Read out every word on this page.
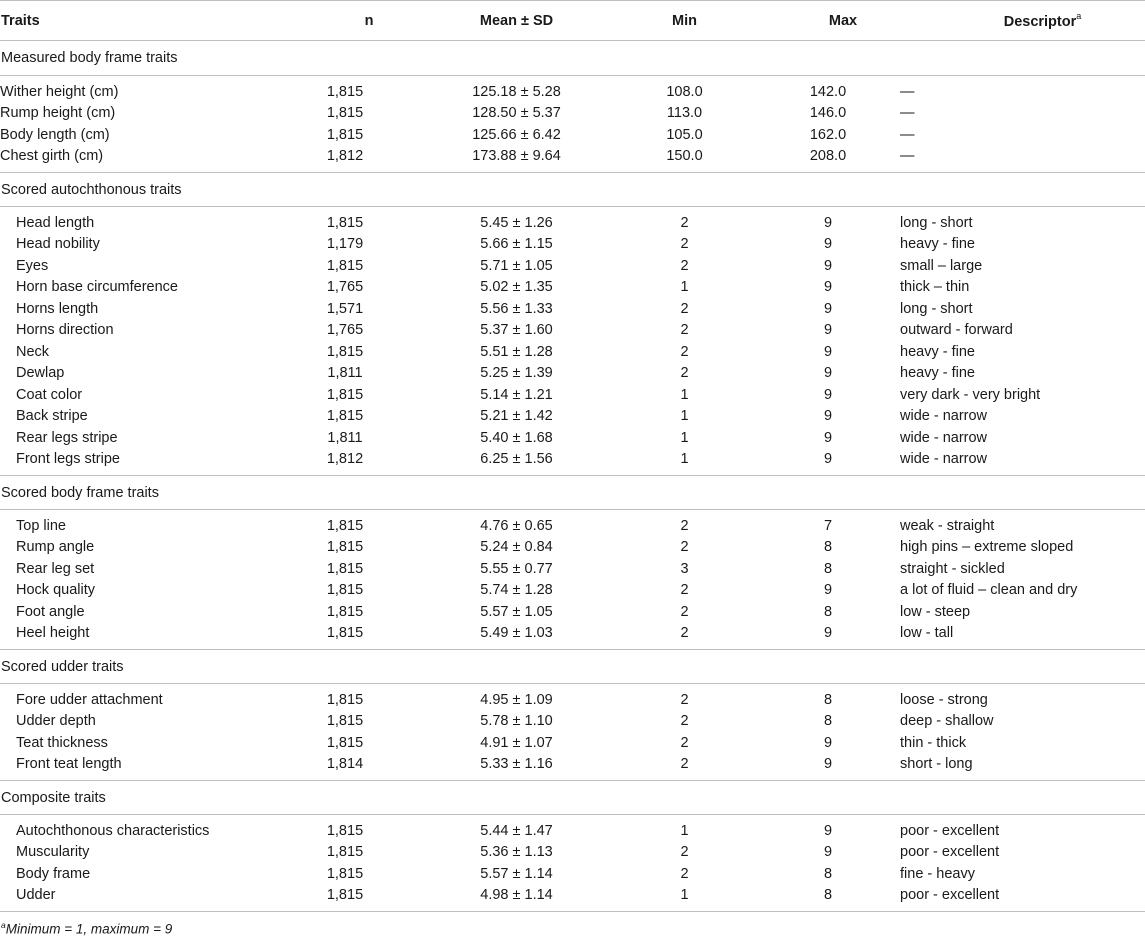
Traits	n	Mean ± SD	Min	Max	Descriptor$^a$
Measured body frame traits					

Wither height (cm)	1,815	125.18 ± 5.28	108.0	142.0	—
Rump height (cm)	1,815	128.50 ± 5.37	113.0	146.0	—
Body length (cm)	1,815	125.66 ± 6.42	105.0	162.0	—
Chest girth (cm)	1,812	173.88 ± 9.64	150.0	208.0	—

Scored autochthonous traits					

Head length	1,815	5.45 ± 1.26	2	9	long - short
Head nobility	1,179	5.66 ± 1.15	2	9	heavy - fine
Eyes	1,815	5.71 ± 1.05	2	9	small – large
Horn base circumference	1,765	5.02 ± 1.35	1	9	thick – thin
Horns length	1,571	5.56 ± 1.33	2	9	long - short
Horns direction	1,765	5.37 ± 1.60	2	9	outward - forward
Neck	1,815	5.51 ± 1.28	2	9	heavy - fine
Dewlap	1,811	5.25 ± 1.39	2	9	heavy - fine
Coat color	1,815	5.14 ± 1.21	1	9	very dark - very bright
Back stripe	1,815	5.21 ± 1.42	1	9	wide - narrow
Rear legs stripe	1,811	5.40 ± 1.68	1	9	wide - narrow
Front legs stripe	1,812	6.25 ± 1.56	1	9	wide - narrow

Scored body frame traits					

Top line	1,815	4.76 ± 0.65	2	7	weak - straight
Rump angle	1,815	5.24 ± 0.84	2	8	high pins – extreme sloped
Rear leg set	1,815	5.55 ± 0.77	3	8	straight - sickled
Hock quality	1,815	5.74 ± 1.28	2	9	a lot of fluid – clean and dry
Foot angle	1,815	5.57 ± 1.05	2	8	low - steep
Heel height	1,815	5.49 ± 1.03	2	9	low - tall

Scored udder traits					

Fore udder attachment	1,815	4.95 ± 1.09	2	8	loose - strong
Udder depth	1,815	5.78 ± 1.10	2	8	deep - shallow
Teat thickness	1,815	4.91 ± 1.07	2	9	thin - thick
Front teat length	1,814	5.33 ± 1.16	2	9	short - long

Composite traits					

Autochthonous characteristics	1,815	5.44 ± 1.47	1	9	poor - excellent
Muscularity	1,815	5.36 ± 1.13	2	9	poor - excellent
Body frame	1,815	5.57 ± 1.14	2	8	fine - heavy
Udder	1,815	4.98 ± 1.14	1	8	poor - excellent

$^a$Minimum = 1, maximum = 9
